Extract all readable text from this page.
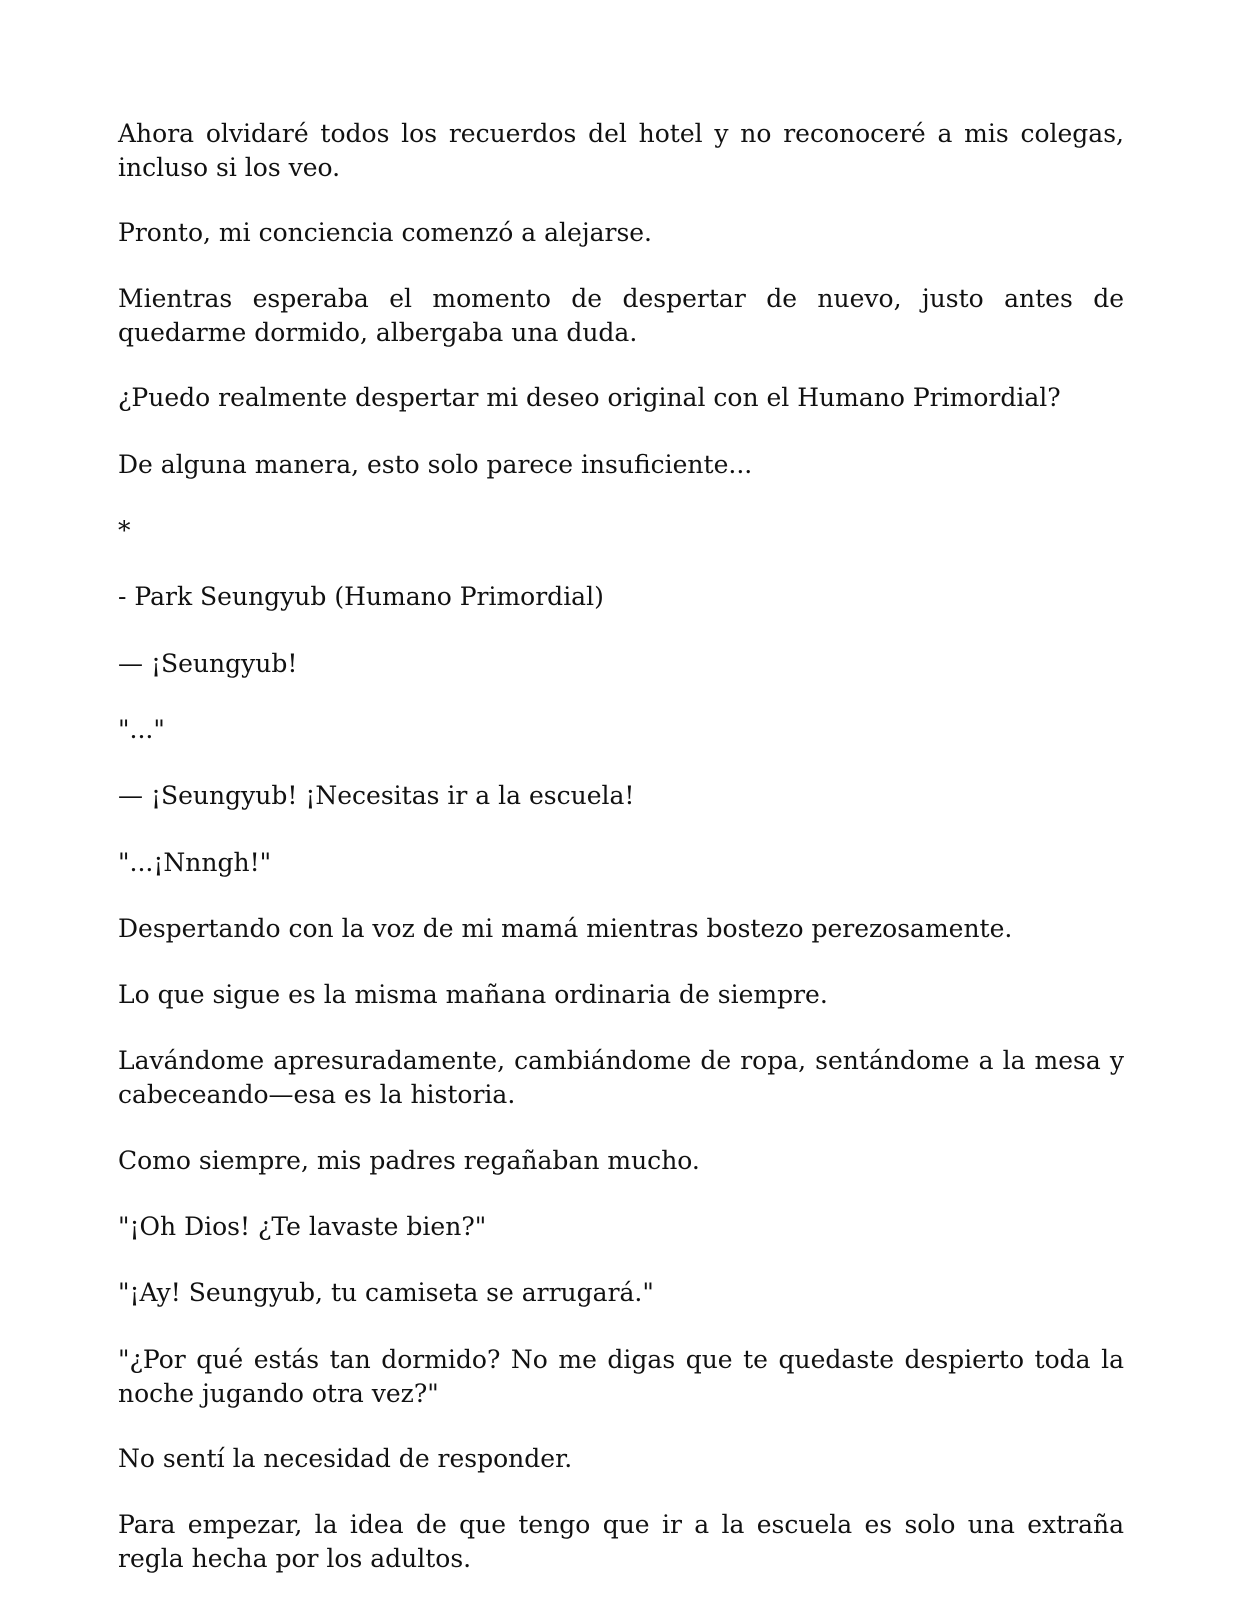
Ahora olvidaré todos los recuerdos del hotel y no reconoceré a mis colegas, incluso si los veo.

Pronto, mi conciencia comenzó a alejarse.

Mientras esperaba el momento de despertar de nuevo, justo antes de quedarme dormido, albergaba una duda.

¿Puedo realmente despertar mi deseo original con el Humano Primordial?

De alguna manera, esto solo parece insuficiente...

*

- Park Seungyub (Humano Primordial)

— ¡Seungyub!

"..."

— ¡Seungyub! ¡Necesitas ir a la escuela!

"...¡Nnngh!"

Despertando con la voz de mi mamá mientras bostezo perezosamente.

Lo que sigue es la misma mañana ordinaria de siempre.

Lavándome apresuradamente, cambiándome de ropa, sentándome a la mesa y cabeceando—esa es la historia.

Como siempre, mis padres regañaban mucho.

"¡Oh Dios! ¿Te lavaste bien?"

"¡Ay! Seungyub, tu camiseta se arrugará."

"¿Por qué estás tan dormido? No me digas que te quedaste despierto toda la noche jugando otra vez?"

No sentí la necesidad de responder.

Para empezar, la idea de que tengo que ir a la escuela es solo una extraña regla hecha por los adultos.
